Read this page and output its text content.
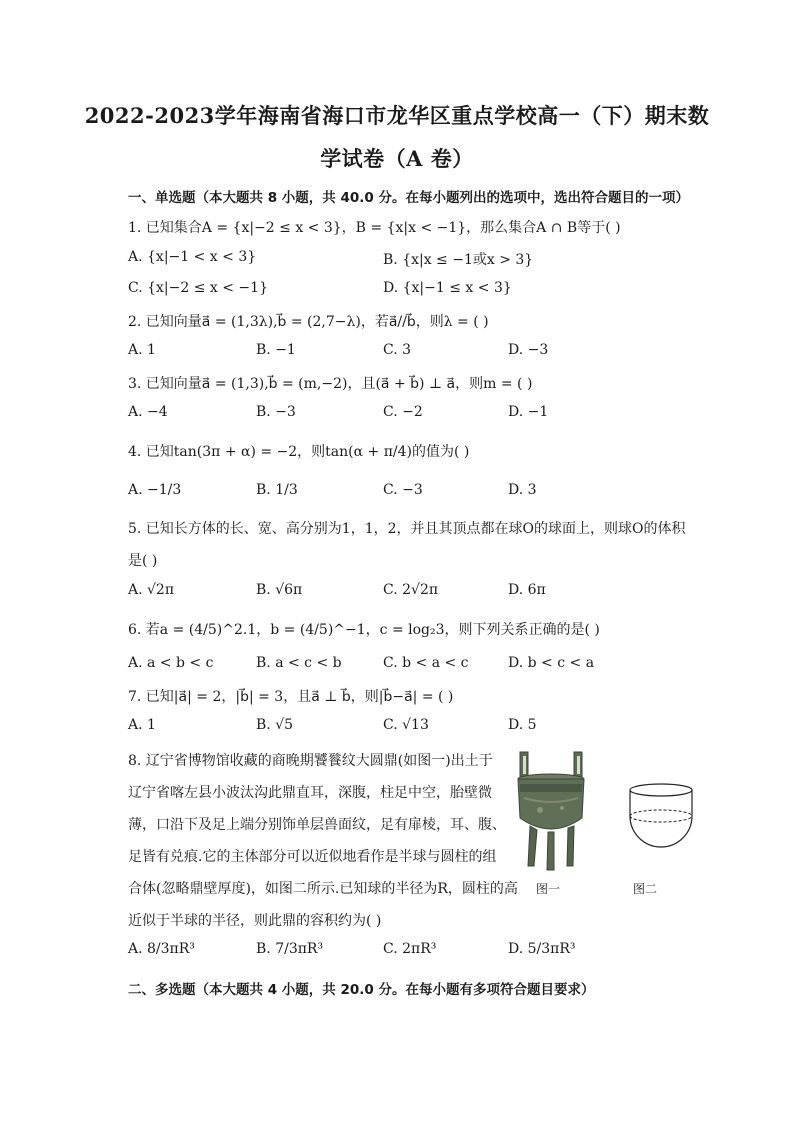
2022-2023学年海南省海口市龙华区重点学校高一（下）期末数
学试卷（A 卷）
一、单选题（本大题共 8 小题，共 40.0 分。在每小题列出的选项中，选出符合题目的一项）
1. 已知集合A = {x|−2 ≤ x < 3}，B = {x|x < −1}，那么集合A ∩ B等于( )
A. {x|−1 < x < 3}	B. {x|x ≤ −1或x > 3}
C. {x|−2 ≤ x < −1}	D. {x|−1 ≤ x < 3}
2. 已知向量a⃗ = (1,3λ),b⃗ = (2,7−λ)，若a⃗//b⃗，则λ = ( )
A. 1	B. −1	C. 3	D. −3
3. 已知向量a⃗ = (1,3),b⃗ = (m,−2)，且(a⃗ + b⃗) ⊥ a⃗，则m = ( )
A. −4	B. −3	C. −2	D. −1
4. 已知tan(3π + α) = −2，则tan(α + π/4)的值为( )
A. −1/3	B. 1/3	C. −3	D. 3
5. 已知长方体的长、宽、高分别为1，1，2，并且其顶点都在球O的球面上，则球O的体积
是( )
A. √2π	B. √6π	C. 2√2π	D. 6π
6. 若a = (4/5)^2.1，b = (4/5)^−1，c = log₂3，则下列关系正确的是( )
A. a < b < c	B. a < c < b	C. b < a < c	D. b < c < a
7. 已知|a⃗| = 2，|b⃗| = 3，且a⃗ ⊥ b⃗，则|b⃗−a⃗| = ( )
A. 1	B. √5	C. √13	D. 5
8. 辽宁省博物馆收藏的商晚期饕餮纹大圆鼎(如图一)出土于
辽宁省喀左县小波汰沟此鼎直耳，深腹，柱足中空，胎壁微
薄，口沿下及足上端分别饰单层兽面纹，足有扉棱，耳、腹、
足皆有兑痕.它的主体部分可以近似地看作是半球与圆柱的组
合体(忽略鼎壁厚度)，如图二所示.已知球的半径为R，圆柱的高
近似于半球的半径，则此鼎的容积约为( )
图一	图二
A. 8/3πR³	B. 7/3πR³	C. 2πR³	D. 5/3πR³
二、多选题（本大题共 4 小题，共 20.0 分。在每小题有多项符合题目要求）
